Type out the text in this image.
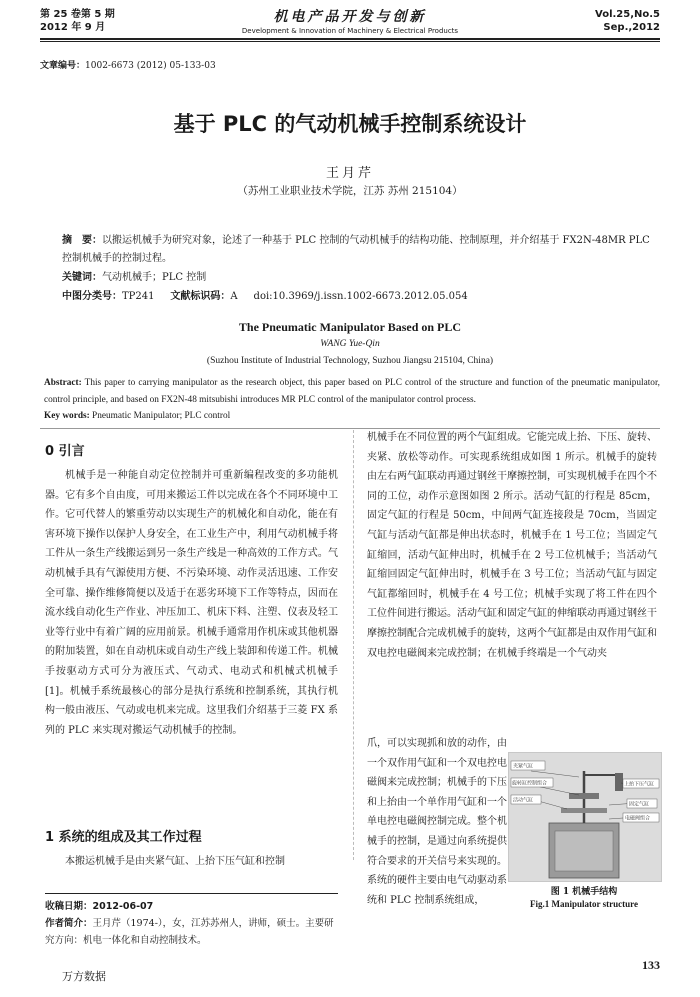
第 25 卷第 5 期
2012 年 9 月
机电产品开发与创新
Development & Innovation of Machinery & Electrical Products
Vol.25,No.5
Sep.,2012
文章编号：1002-6673 (2012) 05-133-03
基于 PLC 的气动机械手控制系统设计
王月芹
（苏州工业职业技术学院，江苏 苏州 215104）
摘　要：以搬运机械手为研究对象，论述了一种基于 PLC 控制的气动机械手的结构功能、控制原理，并介绍基于 FX2N-48MR PLC 控制机械手的控制过程。
关键词：气动机械手；PLC 控制
中图分类号：TP241 文献标识码：A doi:10.3969/j.issn.1002-6673.2012.05.054
The Pneumatic Manipulator Based on PLC
WANG Yue-Qin
(Suzhou Institute of Industrial Technology, Suzhou Jiangsu 215104, China)
Abstract: This paper to carrying manipulator as the research object, this paper based on PLC control of the structure and function of the pneumatic manipulator, control principle, and based on FX2N-48 mitsubishi introduces MR PLC control of the manipulator control process.
Key words: Pneumatic Manipulator; PLC control
0 引言
机械手是一种能自动定位控制并可重新编程改变的多功能机器。它有多个自由度，可用来搬运工件以完成在各个不同环境中工作。它可代替人的繁重劳动以实现生产的机械化和自动化，能在有害环境下操作以保护人身安全，在工业生产中，利用气动机械手将工件从一条生产线搬运到另一条生产线是一种高效的工作方式。气动机械手具有气源使用方便、不污染环境、动作灵活迅速、工作安全可靠、操作维修简便以及适于在恶劣环境下工作等特点，因而在流水线自动化生产作业、冲压加工、机床下料、注塑、仪表及轻工业等行业中有着广阔的应用前景。机械手通常用作机床或其他机器的附加装置，如在自动机床或自动生产线上装卸和传递工件。机械手按驱动方式可分为液压式、气动式、电动式和机械式机械手[1]。机械手系统最核心的部分是执行系统和控制系统，其执行机构一般由液压、气动或电机来完成。这里我们介绍基于三菱 FX 系列的 PLC 来实现对搬运气动机械手的控制。
1 系统的组成及其工作过程
本搬运机械手是由夹紧气缸、上抬下压气缸和控制
收稿日期：2012-06-07
作者简介：王月芹（1974-），女，江苏苏州人，讲师，硕士。主要研究方向：机电一体化和自动控制技术。
机械手在不同位置的两个气缸组成。它能完成上抬、下压、旋转、夹紧、放松等动作。可实现系统组成如图 1 所示。机械手的旋转由左右两气缸联动再通过钢丝干摩擦控制，可实现机械手在四个不同的工位，动作示意图如图 2 所示。活动气缸的行程是 85cm，固定气缸的行程是 50cm，中间两气缸连接段是 70cm，当固定气缸与活动气缸都是伸出状态时，机械手在 1 号工位；当固定气缸缩回，活动气缸伸出时，机械手在 2 号工位机械手；当活动气缸缩回固定气缸伸出时，机械手在 3 号工位；当活动气缸与固定气缸都缩回时，机械手在 4 号工位；机械手实现了将工件在四个工位件间进行搬运。活动气缸和固定气缸的伸缩联动再通过钢丝干摩擦控制配合完成机械手的旋转，这两个气缸都是由双作用气缸和双电控电磁阀来完成控制；在机械手终端是一个气动夹
爪，可以实现抓和放的动作，由一个双作用气缸和一个双电控电磁阀来完成控制；机械手的下压和上抬由一个单作用气缸和一个单电控电磁阀控制完成。整个机械手的控制，是通过向系统提供符合要求的开关信号来实现的。系统的硬件主要由电气动驱动系统和 PLC 控制系统组成，
夹紧气缸
旋转缸控制组合	上抬下压气缸
活动气缸
固定气缸
电磁阀组合
图 1 机械手结构
Fig.1 Manipulator structure
133
万方数据
